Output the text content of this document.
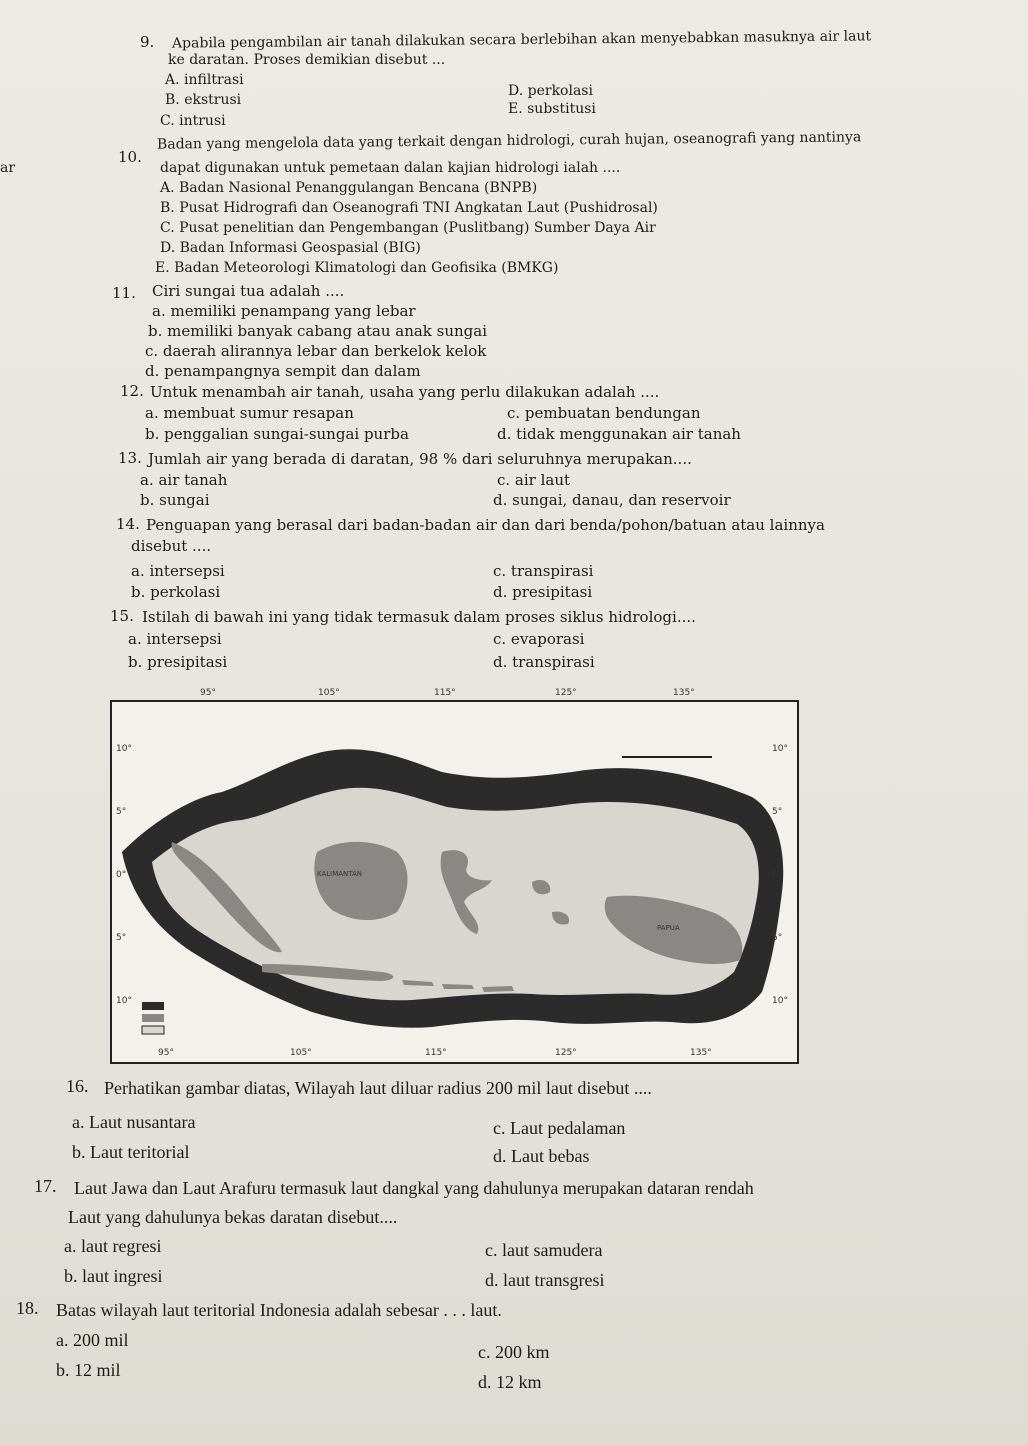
ar
9. Apabila pengambilan air tanah dilakukan secara berlebihan akan menyebabkan masuknya air laut
ke daratan. Proses demikian disebut ...
A. infiltrasi
D. perkolasi
B. ekstrusi
E. substitusi
C. intrusi
10.
Badan yang mengelola data yang terkait dengan hidrologi, curah hujan, oseanografi yang nantinya
dapat digunakan untuk pemetaan dalan kajian hidrologi ialah ....
A. Badan Nasional Penanggulangan Bencana (BNPB)
B. Pusat Hidrografi dan Oseanografi TNI Angkatan Laut (Pushidrosal)
C. Pusat penelitian dan Pengembangan (Puslitbang) Sumber Daya Air
D. Badan Informasi Geospasial (BIG)
E. Badan Meteorologi Klimatologi dan Geofisika (BMKG)
11. Ciri sungai tua adalah ....
a. memiliki penampang yang lebar
b. memiliki banyak cabang atau anak sungai
c. daerah alirannya lebar dan berkelok kelok
d. penampangnya sempit dan dalam
12. Untuk menambah air tanah, usaha yang perlu dilakukan adalah ....
a. membuat sumur resapan	c. pembuatan bendungan
b. penggalian sungai-sungai purba	d. tidak menggunakan air tanah
13. Jumlah air yang berada di daratan, 98 % dari seluruhnya merupakan....
a. air tanah	c. air laut
b. sungai	d. sungai, danau, dan reservoir
14. Penguapan yang berasal dari badan-badan air dan dari benda/pohon/batuan atau lainnya
disebut ....
a. intersepsi	c. transpirasi
b. perkolasi	d. presipitasi
15. Istilah di bawah ini yang tidak termasuk dalam proses siklus hidrologi....
a. intersepsi	c. evaporasi
b. presipitasi	d. transpirasi
95°	105°	115°	125°	135°
KALIMANTAN
PAPUA
10°
5°
0°
5°
10°
10°
5°
0°
5°
10°
95°	105°	115°	125°	135°
16. Perhatikan gambar diatas, Wilayah laut diluar radius 200 mil laut disebut ....
a. Laut nusantara	c. Laut pedalaman
b. Laut teritorial	d. Laut bebas
17. Laut Jawa dan Laut Arafuru termasuk laut dangkal yang dahulunya merupakan dataran rendah
Laut yang dahulunya bekas daratan disebut....
a. laut regresi	c. laut samudera
b. laut ingresi	d. laut transgresi
18. Batas wilayah laut teritorial Indonesia adalah sebesar . . . laut.
a. 200 mil
c. 200 km
b. 12 mil
d. 12 km
